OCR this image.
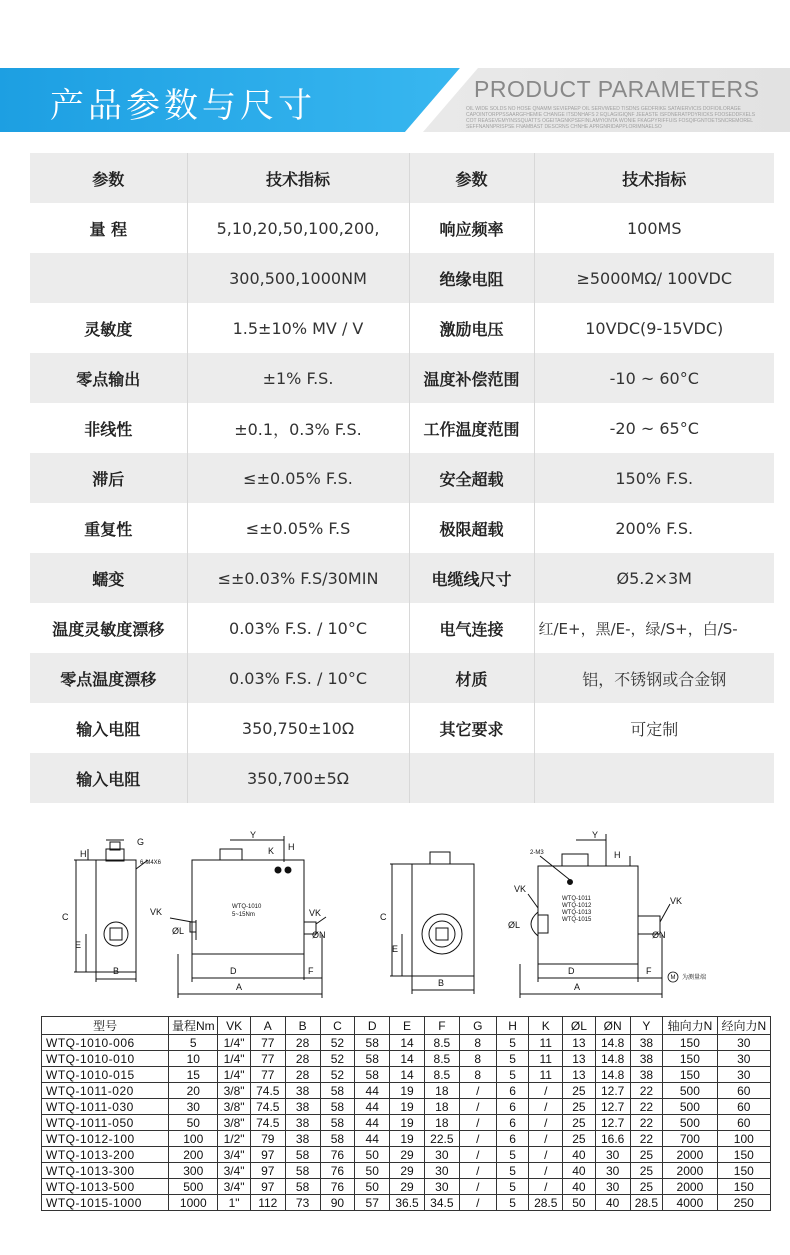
产品参数与尺寸	PRODUCT PARAMETERS
OIL WIDE SOLDS NO HOSE QNAMM SEVIEPAEP OIL SERVWEED TISDNS GEDFRIKE SATAIERVICIS DOFIOILORAGE CAPOINTORPPSSAARGFHEMIE CHANGE ITSDNHAFS 2 EQLAGIGIQNF JEEASTE ISFDNERATPDYRICKS FOOSEDDFXELS COT REASEVEMYINSSQUATTS OGEITAGNKPSEFINLAMYIONTA WONIE FKAGPYRIFFUIS FOSQIFGNTOETSNCREMOREL SEFFNANNPRISPSE FNAMBAST DESCRNS CHNHE APRGNRIDAPPLORIMNAELSO
参数	技术指标	参数	技术指标
量 程	5,10,20,50,100,200,	响应频率	100MS
	300,500,1000NM	绝缘电阻	≥5000MΩ/ 100VDC
灵敏度	1.5±10% MV / V	激励电压	10VDC(9-15VDC)
零点输出	±1% F.S.	温度补偿范围	-10 ~ 60°C
非线性	±0.1，0.3% F.S.	工作温度范围	-20 ~ 65°C
滞后	≤±0.05% F.S.	安全超载	150% F.S.
重复性	≤±0.05% F.S	极限超载	200% F.S.
蠕变	≤±0.03% F.S/30MIN	电缆线尺寸	Ø5.2×3M
温度灵敏度漂移	0.03% F.S. / 10°C	电气连接	红/E+，黑/E-，绿/S+，白/S-
零点温度漂移	0.03% F.S. / 10°C	材质	铝，不锈钢或合金钢
输入电阻	350,750±10Ω	其它要求	可定制
输入电阻	350,700±5Ω		
G
H
C
E
B
6-M4X6
Y
K H
VK	VK
ØL	ØN
WTQ-1010
5~15Nm
D	F
A
C
E
B
2-M3
Y
H
VK
VK
ØL
ØN
WTQ-1011
WTQ-1012
WTQ-1013
WTQ-1015
D	F
A
M 为测量端
型号	量程Nm	VK	A	B	C	D	E	F	G	H	K	ØL	ØN	Y	轴向力N	经向力N
WTQ-1010-006	5	1/4"	77	28	52	58	14	8.5	8	5	11	13	14.8	38	150	30
WTQ-1010-010	10	1/4"	77	28	52	58	14	8.5	8	5	11	13	14.8	38	150	30
WTQ-1010-015	15	1/4"	77	28	52	58	14	8.5	8	5	11	13	14.8	38	150	30
WTQ-1011-020	20	3/8"	74.5	38	58	44	19	18	/	6	/	25	12.7	22	500	60
WTQ-1011-030	30	3/8"	74.5	38	58	44	19	18	/	6	/	25	12.7	22	500	60
WTQ-1011-050	50	3/8"	74.5	38	58	44	19	18	/	6	/	25	12.7	22	500	60
WTQ-1012-100	100	1/2"	79	38	58	44	19	22.5	/	6	/	25	16.6	22	700	100
WTQ-1013-200	200	3/4"	97	58	76	50	29	30	/	5	/	40	30	25	2000	150
WTQ-1013-300	300	3/4"	97	58	76	50	29	30	/	5	/	40	30	25	2000	150
WTQ-1013-500	500	3/4"	97	58	76	50	29	30	/	5	/	40	30	25	2000	150
WTQ-1015-1000	1000	1"	112	73	90	57	36.5	34.5	/	5	28.5	50	40	28.5	4000	250
